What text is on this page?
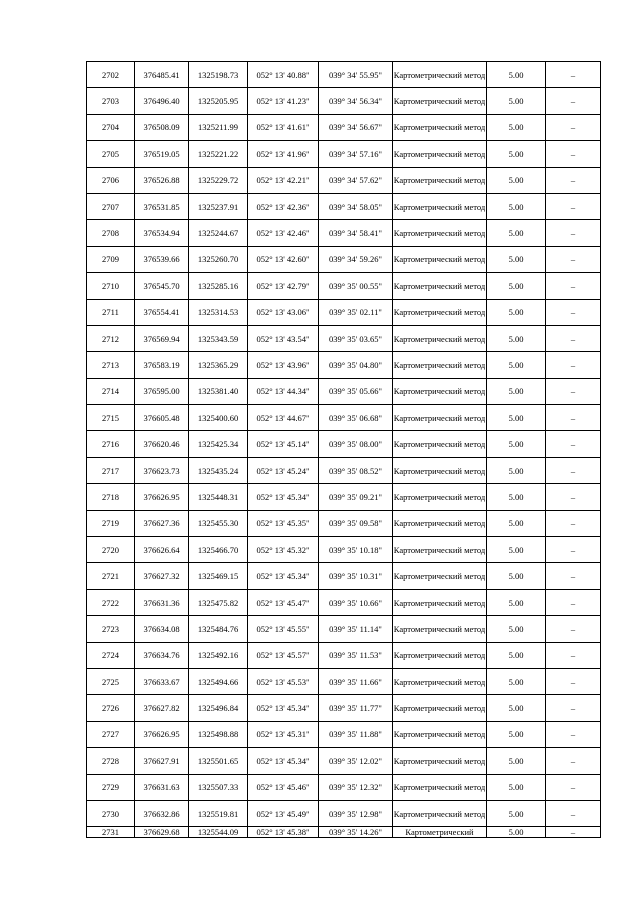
2702	376485.41	1325198.73	052° 13' 40.88"	039° 34' 55.95"	Картометрический метод	5.00	–
2703	376496.40	1325205.95	052° 13' 41.23"	039° 34' 56.34"	Картометрический метод	5.00	–
2704	376508.09	1325211.99	052° 13' 41.61"	039° 34' 56.67"	Картометрический метод	5.00	–
2705	376519.05	1325221.22	052° 13' 41.96"	039° 34' 57.16"	Картометрический метод	5.00	–
2706	376526.88	1325229.72	052° 13' 42.21"	039° 34' 57.62"	Картометрический метод	5.00	–
2707	376531.85	1325237.91	052° 13' 42.36"	039° 34' 58.05"	Картометрический метод	5.00	–
2708	376534.94	1325244.67	052° 13' 42.46"	039° 34' 58.41"	Картометрический метод	5.00	–
2709	376539.66	1325260.70	052° 13' 42.60"	039° 34' 59.26"	Картометрический метод	5.00	–
2710	376545.70	1325285.16	052° 13' 42.79"	039° 35' 00.55"	Картометрический метод	5.00	–
2711	376554.41	1325314.53	052° 13' 43.06"	039° 35' 02.11"	Картометрический метод	5.00	–
2712	376569.94	1325343.59	052° 13' 43.54"	039° 35' 03.65"	Картометрический метод	5.00	–
2713	376583.19	1325365.29	052° 13' 43.96"	039° 35' 04.80"	Картометрический метод	5.00	–
2714	376595.00	1325381.40	052° 13' 44.34"	039° 35' 05.66"	Картометрический метод	5.00	–
2715	376605.48	1325400.60	052° 13' 44.67"	039° 35' 06.68"	Картометрический метод	5.00	–
2716	376620.46	1325425.34	052° 13' 45.14"	039° 35' 08.00"	Картометрический метод	5.00	–
2717	376623.73	1325435.24	052° 13' 45.24"	039° 35' 08.52"	Картометрический метод	5.00	–
2718	376626.95	1325448.31	052° 13' 45.34"	039° 35' 09.21"	Картометрический метод	5.00	–
2719	376627.36	1325455.30	052° 13' 45.35"	039° 35' 09.58"	Картометрический метод	5.00	–
2720	376626.64	1325466.70	052° 13' 45.32"	039° 35' 10.18"	Картометрический метод	5.00	–
2721	376627.32	1325469.15	052° 13' 45.34"	039° 35' 10.31"	Картометрический метод	5.00	–
2722	376631.36	1325475.82	052° 13' 45.47"	039° 35' 10.66"	Картометрический метод	5.00	–
2723	376634.08	1325484.76	052° 13' 45.55"	039° 35' 11.14"	Картометрический метод	5.00	–
2724	376634.76	1325492.16	052° 13' 45.57"	039° 35' 11.53"	Картометрический метод	5.00	–
2725	376633.67	1325494.66	052° 13' 45.53"	039° 35' 11.66"	Картометрический метод	5.00	–
2726	376627.82	1325496.84	052° 13' 45.34"	039° 35' 11.77"	Картометрический метод	5.00	–
2727	376626.95	1325498.88	052° 13' 45.31"	039° 35' 11.88"	Картометрический метод	5.00	–
2728	376627.91	1325501.65	052° 13' 45.34"	039° 35' 12.02"	Картометрический метод	5.00	–
2729	376631.63	1325507.33	052° 13' 45.46"	039° 35' 12.32"	Картометрический метод	5.00	–
2730	376632.86	1325519.81	052° 13' 45.49"	039° 35' 12.98"	Картометрический метод	5.00	–
2731	376629.68	1325544.09	052° 13' 45.38"	039° 35' 14.26"	Картометрический	5.00	–
